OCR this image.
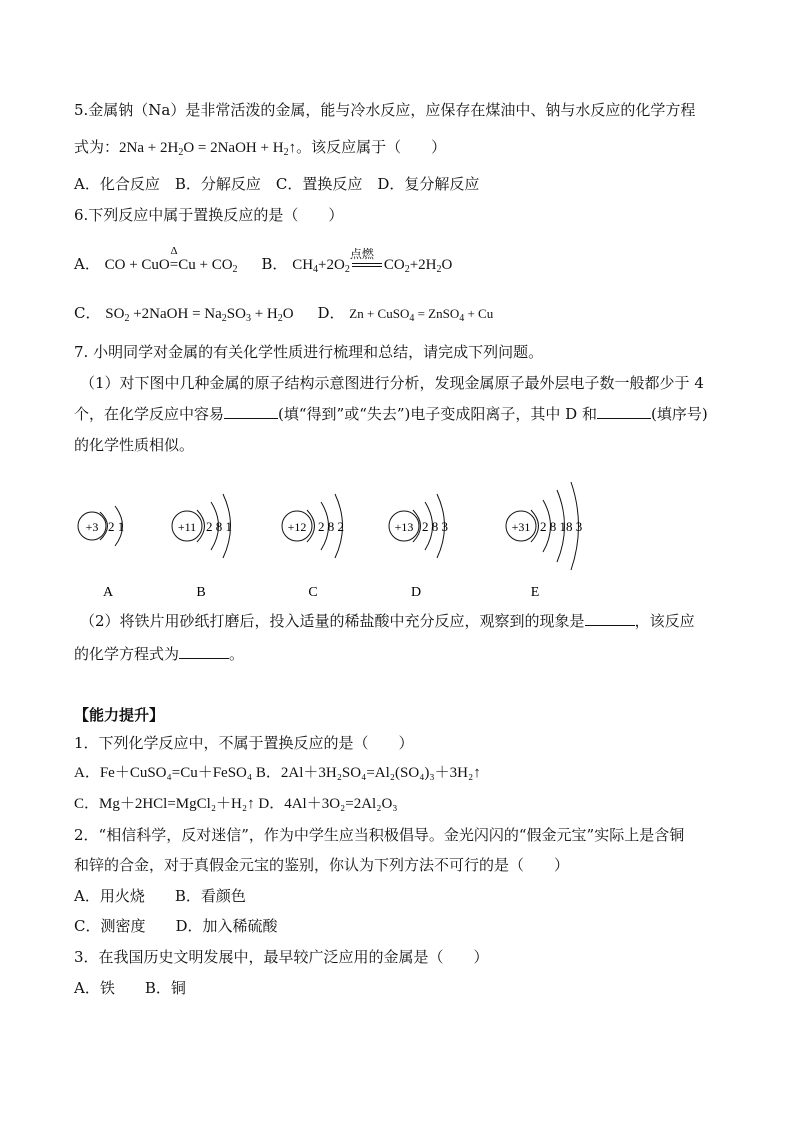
5.金属钠（Na）是非常活泼的金属，能与冷水反应，应保存在煤油中、钠与水反应的化学方程
式为：$2Na + 2H_2O$ = 2NaOH + $H_2↑$。该反应属于（　　）
A．化合反应　B．分解反应　C．置换反应　D．复分解反应
6.下列反应中属于置换反应的是（　　）
A． CO + CuO
Δ
$=Cu + CO_2$ B． $CH_4+2O_2$
点燃
$CO_2+2H_2O$
C． $SO_2$ +2NaOH = $Na_2SO_3 + H_2O$ D． Zn + CuSO$_4$ = ZnSO$_4$ + Cu
7. 小明同学对金属的有关化学性质进行梳理和总结，请完成下列问题。
（1）对下图中几种金属的原子结构示意图进行分析，发现金属原子最外层电子数一般都少于 4
个，在化学反应中容易	(填“得到”或“失去”)电子变成阳离子，其中 D 和	(填序号)
的化学性质相似。
+3 2 1
A
+11 2 8 1
B
+12 2 8 2
C
+13 2 8 3
D
+31 2 8 18 3
E
（2）将铁片用砂纸打磨后，投入适量的稀盐酸中充分反应，观察到的现象是	，该反应
的化学方程式为	。
【能力提升】
1．下列化学反应中，不属于置换反应的是（　　）
A．Fe＋CuSO₄=Cu＋FeSO₄ B．2Al＋3H₂SO₄=Al₂(SO₄)₃＋3H₂↑
C．Mg＋2HCl=MgCl₂＋H₂↑ D．4Al＋3O₂=2Al₂O₃
2．“相信科学，反对迷信”，作为中学生应当积极倡导。金光闪闪的“假金元宝”实际上是含铜
和锌的合金，对于真假金元宝的鉴别，你认为下列方法不可行的是（　　）
A．用火烧　　B．看颜色
C．测密度　　D．加入稀硫酸
3．在我国历史文明发展中，最早较广泛应用的金属是（　　）
A．铁　　B．铜
